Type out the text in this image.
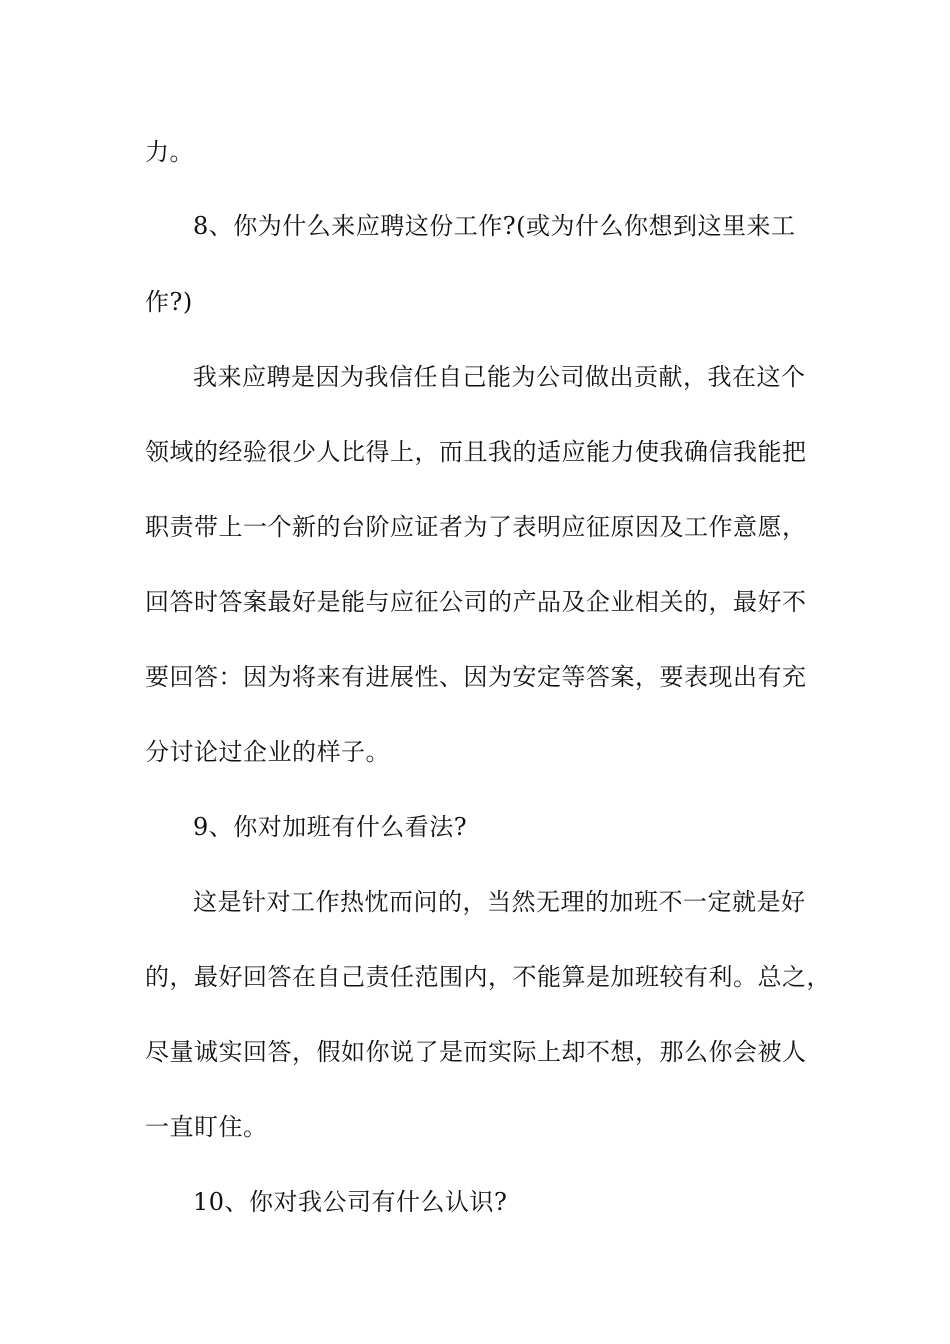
力。
8、你为什么来应聘这份工作?(或为什么你想到这里来工
作?)
我来应聘是因为我信任自己能为公司做出贡献，我在这个
领域的经验很少人比得上，而且我的适应能力使我确信我能把
职责带上一个新的台阶应证者为了表明应征原因及工作意愿，
回答时答案最好是能与应征公司的产品及企业相关的，最好不
要回答：因为将来有进展性、因为安定等答案，要表现出有充
分讨论过企业的样子。
9、你对加班有什么看法?
这是针对工作热忱而问的，当然无理的加班不一定就是好
的，最好回答在自己责任范围内，不能算是加班较有利。总之，
尽量诚实回答，假如你说了是而实际上却不想，那么你会被人
一直盯住。
10、你对我公司有什么认识?
